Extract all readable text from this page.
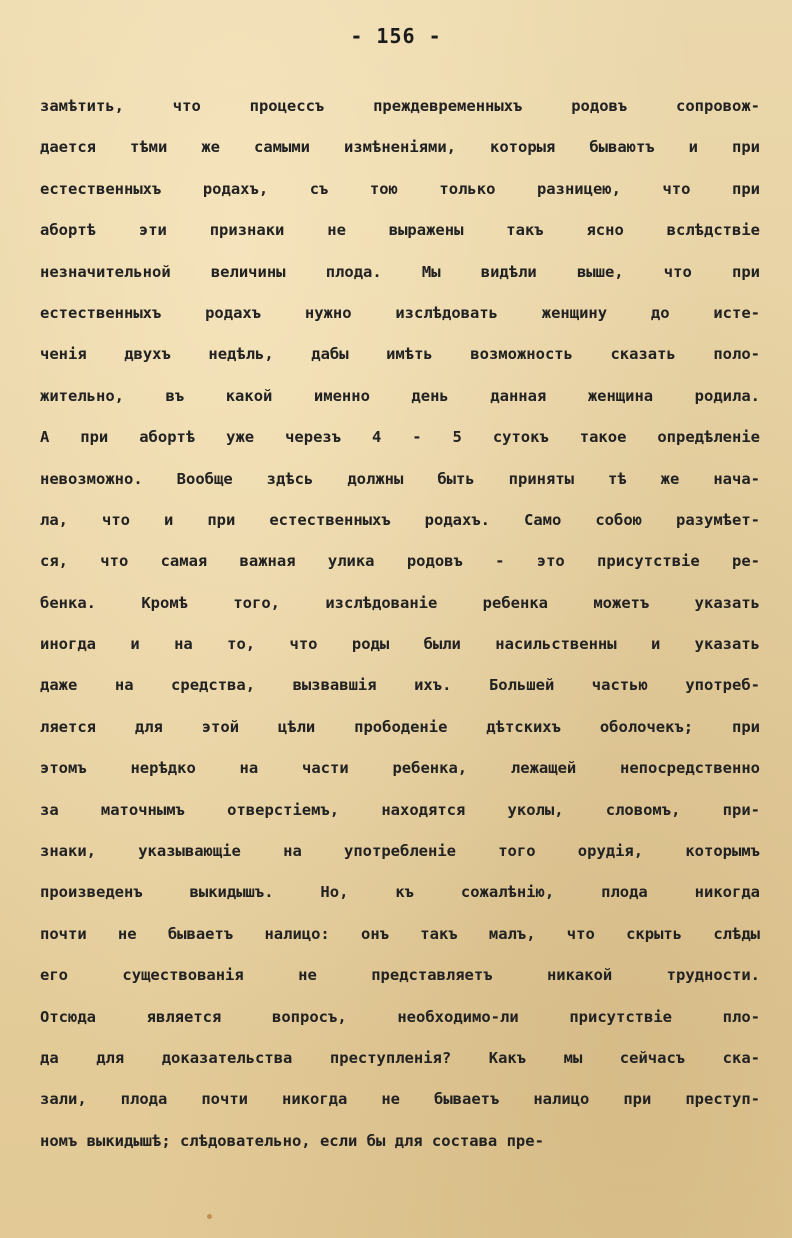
- 156 -
замѣтить, что процессъ преждевременныхъ родовъ сопровож-
дается тѣми же самыми измѣненіями, которыя бываютъ и при
естественныхъ родахъ, съ тою только разницею, что при
абортѣ эти признаки не выражены такъ ясно вслѣдствіе
незначительной величины плода. Мы видѣли выше, что при
естественныхъ родахъ нужно изслѣдовать женщину до исте-
ченія двухъ недѣль, дабы имѣть возможность сказать поло-
жительно, въ какой именно день данная женщина родила.
А при абортѣ уже черезъ 4 - 5 сутокъ такое опредѣленіе
невозможно. Вообще здѣсь должны быть приняты тѣ же нача-
ла, что и при естественныхъ родахъ. Само собою разумѣет-
ся, что самая важная улика родовъ - это присутствіе ре-
бенка. Кромѣ того, изслѣдованіе ребенка можетъ указать
иногда и на то, что роды были насильственны и указать
даже на средства, вызвавшія ихъ. Большей частью употреб-
ляется для этой цѣли прободеніе дѣтскихъ оболочекъ; при
этомъ нерѣдко на части ребенка, лежащей непосредственно
за маточнымъ отверстіемъ, находятся уколы, словомъ, при-
знаки, указывающіе на употребленіе того орудія, которымъ
произведенъ выкидышъ. Но, къ сожалѣнію, плода никогда
почти не бываетъ налицо: онъ такъ малъ, что скрыть слѣды
его существованія не представляетъ никакой трудности.
Отсюда является вопросъ, необходимо-ли присутствіе пло-
да для доказательства преступленія? Какъ мы сейчасъ ска-
зали, плода почти никогда не бываетъ налицо при преступ-
номъ выкидышѣ; слѣдовательно, если бы для состава пре-
